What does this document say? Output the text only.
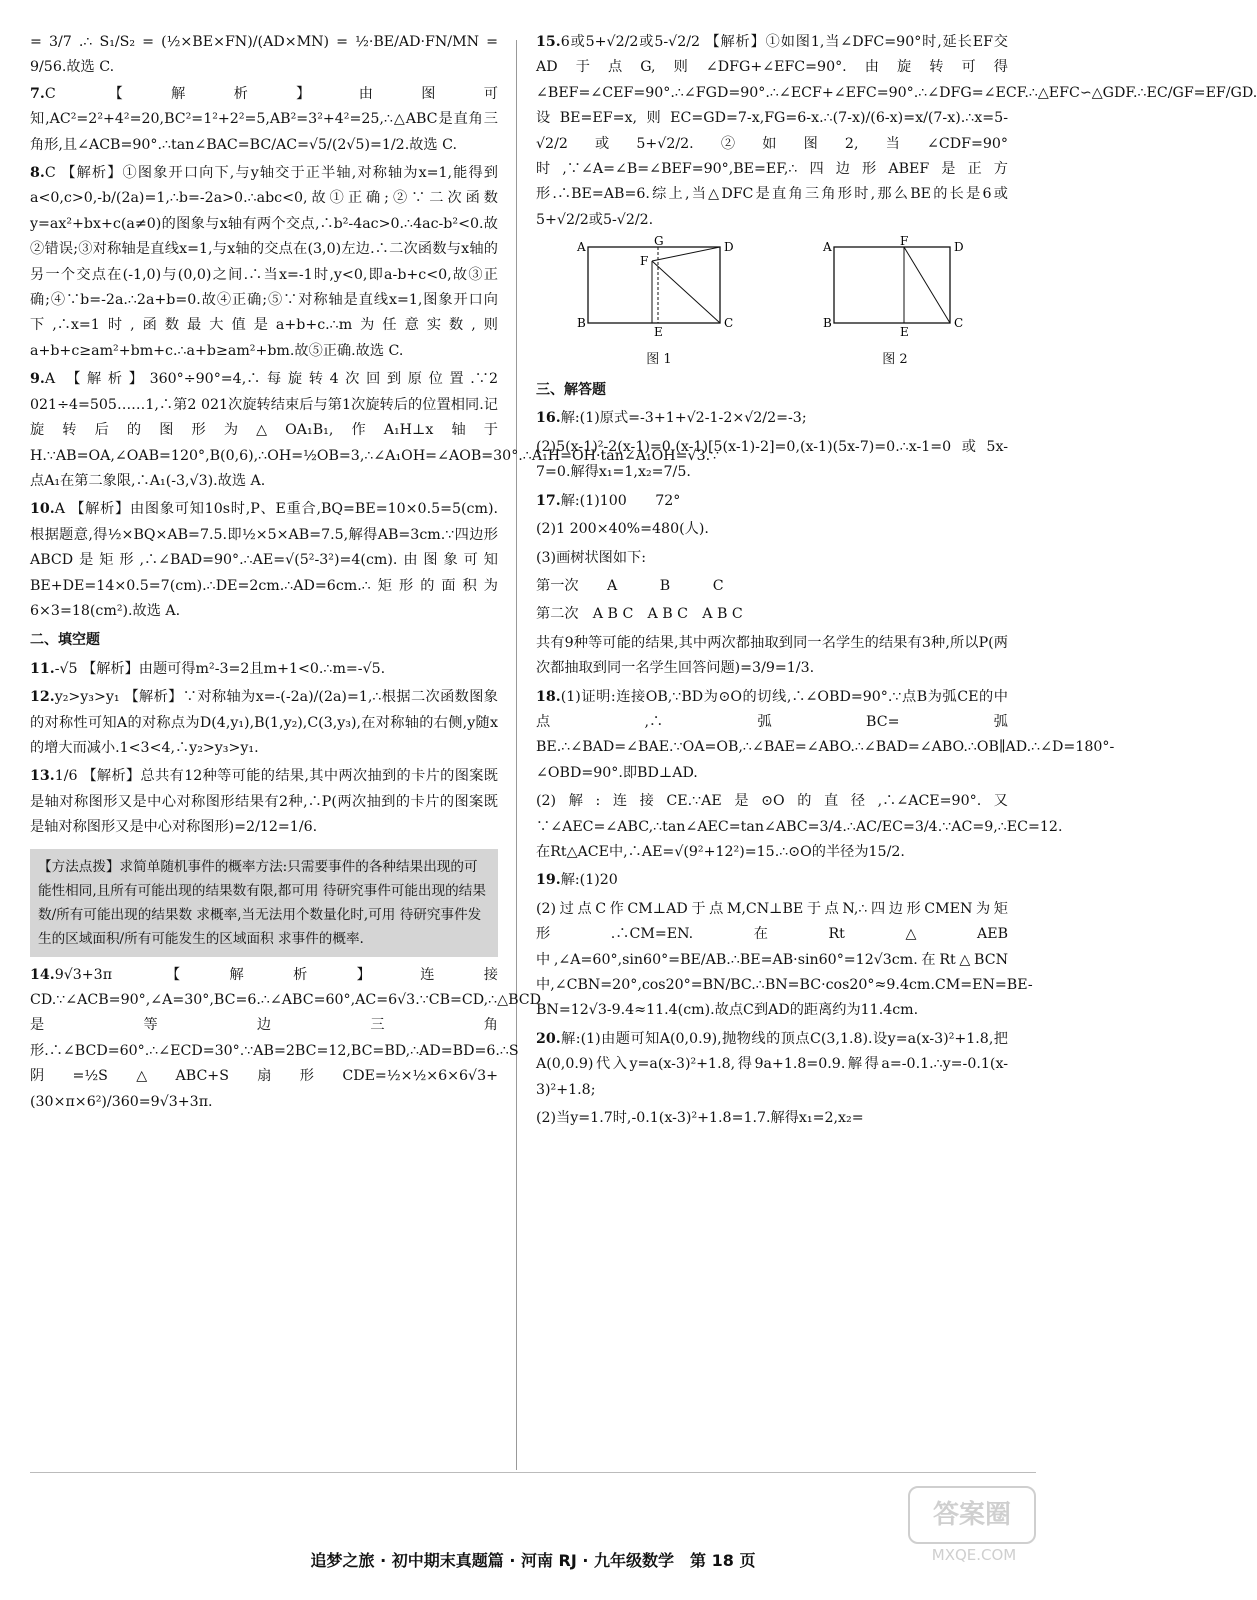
= 3/7 .∴ S₁/S₂ = (½×BE×FN)/(AD×MN) = ½·BE/AD·FN/MN = 9/56.故选 C.

7.C 【解析】由图可知,AC²=2²+4²=20,BC²=1²+2²=5,AB²=3²+4²=25,∴△ABC是直角三角形,且∠ACB=90°.∴tan∠BAC=BC/AC=√5/(2√5)=1/2.故选 C.

8.C 【解析】①图象开口向下,与y轴交于正半轴,对称轴为x=1,能得到a<0,c>0,-b/(2a)=1,∴b=-2a>0.∴abc<0,故①正确;②∵二次函数y=ax²+bx+c(a≠0)的图象与x轴有两个交点,∴b²-4ac>0.∴4ac-b²<0.故②错误;③对称轴是直线x=1,与x轴的交点在(3,0)左边.∴二次函数与x轴的另一个交点在(-1,0)与(0,0)之间.∴当x=-1时,y<0,即a-b+c<0,故③正确;④∵b=-2a.∴2a+b=0.故④正确;⑤∵对称轴是直线x=1,图象开口向下,∴x=1时,函数最大值是a+b+c.∴m为任意实数,则a+b+c≥am²+bm+c.∴a+b≥am²+bm.故⑤正确.故选 C.

9.A 【解析】360°÷90°=4,∴每旋转4次回到原位置.∵2 021÷4=505……1,∴第2 021次旋转结束后与第1次旋转后的位置相同.记旋转后的图形为△OA₁B₁,作A₁H⊥x轴于H.∵AB=OA,∠OAB=120°,B(0,6),∴OH=½OB=3,∴∠A₁OH=∠AOB=30°.∴A₁H=OH·tan∠A₁OH=√3.∵点A₁在第二象限,∴A₁(-3,√3).故选 A.

10.A 【解析】由图象可知10s时,P、E重合,BQ=BE=10×0.5=5(cm).根据题意,得½×BQ×AB=7.5.即½×5×AB=7.5,解得AB=3cm.∵四边形ABCD是矩形,∴∠BAD=90°.∴AE=√(5²-3²)=4(cm).由图象可知BE+DE=14×0.5=7(cm).∴DE=2cm.∴AD=6cm.∴矩形的面积为6×3=18(cm²).故选 A.

二、填空题

11.-√5 【解析】由题可得m²-3=2且m+1<0.∴m=-√5.

12.y₂>y₃>y₁ 【解析】∵对称轴为x=-(-2a)/(2a)=1,∴根据二次函数图象的对称性可知A的对称点为D(4,y₁),B(1,y₂),C(3,y₃),在对称轴的右侧,y随x的增大而减小.1<3<4,∴y₂>y₃>y₁.

13.1/6 【解析】总共有12种等可能的结果,其中两次抽到的卡片的图案既是轴对称图形又是中心对称图形结果有2种,∴P(两次抽到的卡片的图案既是轴对称图形又是中心对称图形)=2/12=1/6.

【方法点拨】求简单随机事件的概率方法:只需要事件的各种结果出现的可能性相同,且所有可能出现的结果数有限,都可用 待研究事件可能出现的结果数/所有可能出现的结果数 求概率,当无法用个数量化时,可用 待研究事件发生的区域面积/所有可能发生的区域面积 求事件的概率.

14.9√3+3π 【解析】连接CD.∵∠ACB=90°,∠A=30°,BC=6.∴∠ABC=60°,AC=6√3.∵CB=CD,∴△BCD是等边三角形.∴∠BCD=60°.∴∠ECD=30°.∵AB=2BC=12,BC=BD,∴AD=BD=6.∴S阴=½S△ABC+S扇形CDE=½×½×6×6√3+(30×π×6²)/360=9√3+3π.

15.6或5+√2/2或5-√2/2 【解析】①如图1,当∠DFC=90°时,延长EF交AD于点G,则∠DFG+∠EFC=90°.由旋转可得∠BEF=∠CEF=90°.∴∠FGD=90°.∴∠ECF+∠EFC=90°.∴∠DFG=∠ECF.∴△EFC∽△GDF.∴EC/GF=EF/GD.设BE=EF=x,则EC=GD=7-x,FG=6-x.∴(7-x)/(6-x)=x/(7-x).∴x=5-√2/2或5+√2/2.②如图2,当∠CDF=90°时,∵∠A=∠B=∠BEF=90°,BE=EF,∴四边形ABEF是正方形.∴BE=AB=6.综上,当△DFC是直角三角形时,那么BE的长是6或5+√2/2或5-√2/2.

A
B	C
D
E
F
G
图 1
A
B	C
D
E
F
图 2
三、解答题

16.解:(1)原式=-3+1+√2-1-2×√2/2=-3;

(2)5(x-1)²-2(x-1)=0,(x-1)[5(x-1)-2]=0,(x-1)(5x-7)=0.∴x-1=0或5x-7=0.解得x₁=1,x₂=7/5.

17.解:(1)100　　72°

(2)1 200×40%=480(人).

(3)画树状图如下:

第一次　　A　　　B　　　C

第二次　A B C　A B C　A B C

共有9种等可能的结果,其中两次都抽取到同一名学生的结果有3种,所以P(两次都抽取到同一名学生回答问题)=3/9=1/3.

18.(1)证明:连接OB,∵BD为⊙O的切线,∴∠OBD=90°.∵点B为弧CE的中点,∴弧BC=弧BE.∴∠BAD=∠BAE.∵OA=OB,∴∠BAE=∠ABO.∴∠BAD=∠ABO.∴OB∥AD.∴∠D=180°-∠OBD=90°.即BD⊥AD.

(2)解:连接CE.∵AE是⊙O的直径,∴∠ACE=90°.又∵∠AEC=∠ABC,∴tan∠AEC=tan∠ABC=3/4.∴AC/EC=3/4.∵AC=9,∴EC=12.在Rt△ACE中,∴AE=√(9²+12²)=15.∴⊙O的半径为15/2.

19.解:(1)20

(2)过点C作CM⊥AD于点M,CN⊥BE于点N,∴四边形CMEN为矩形.∴CM=EN.在Rt△AEB中,∠A=60°,sin60°=BE/AB.∴BE=AB·sin60°=12√3cm.在Rt△BCN中,∠CBN=20°,cos20°=BN/BC.∴BN=BC·cos20°≈9.4cm.CM=EN=BE-BN=12√3-9.4≈11.4(cm).故点C到AD的距离约为11.4cm.

20.解:(1)由题可知A(0,0.9),抛物线的顶点C(3,1.8).设y=a(x-3)²+1.8,把A(0,0.9)代入y=a(x-3)²+1.8,得9a+1.8=0.9.解得a=-0.1.∴y=-0.1(x-3)²+1.8;

(2)当y=1.7时,-0.1(x-3)²+1.8=1.7.解得x₁=2,x₂=

追梦之旅 · 初中期末真题篇 · 河南 RJ · 九年级数学　第 18 页
答案圈
MXQE.COM
